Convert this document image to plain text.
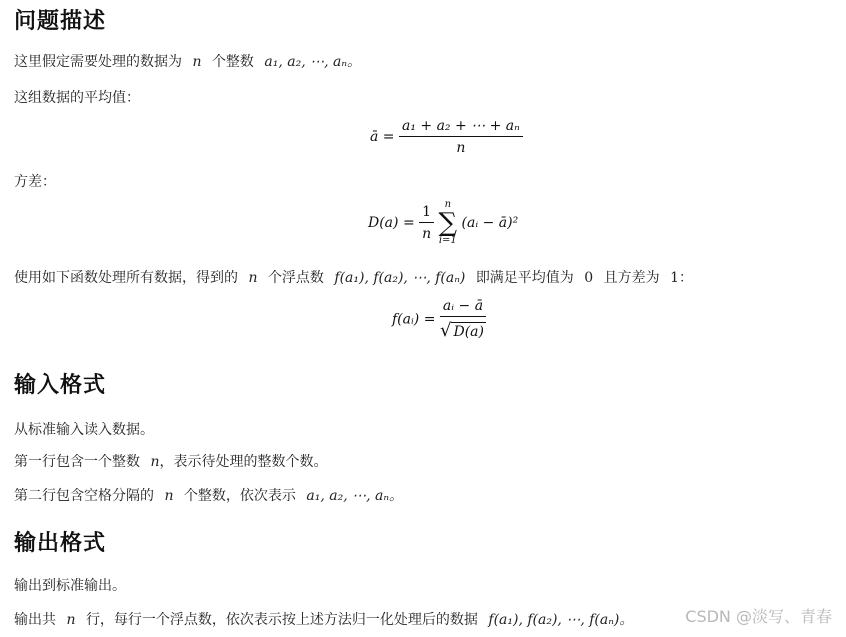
问题描述
这里假定需要处理的数据为 n 个整数 a₁, a₂, ⋯, aₙ。
这组数据的平均值：
ā = $\frac{\text{a₁ + a₂ + ⋯ + aₙ}}{n}$
方差：
$D(a) = \frac{1}{n}$
	n
∑
i=1
(aᵢ − ā)²
使用如下函数处理所有数据，得到的 n 个浮点数 f(a₁), f(a₂), ⋯, f(aₙ) 即满足平均值为 0 且方差为 1：
f(aᵢ) = $\frac{\text{aᵢ − ā}}{√ D(a)}$
输入格式
从标准输入读入数据。
第一行包含一个整数 n，表示待处理的整数个数。
第二行包含空格分隔的 n 个整数，依次表示 a₁, a₂, ⋯, aₙ。
输出格式
输出到标准输出。
输出共 n 行，每行一个浮点数，依次表示按上述方法归一化处理后的数据 f(a₁), f(a₂), ⋯, f(aₙ)。	CSDN @淡写、青春
